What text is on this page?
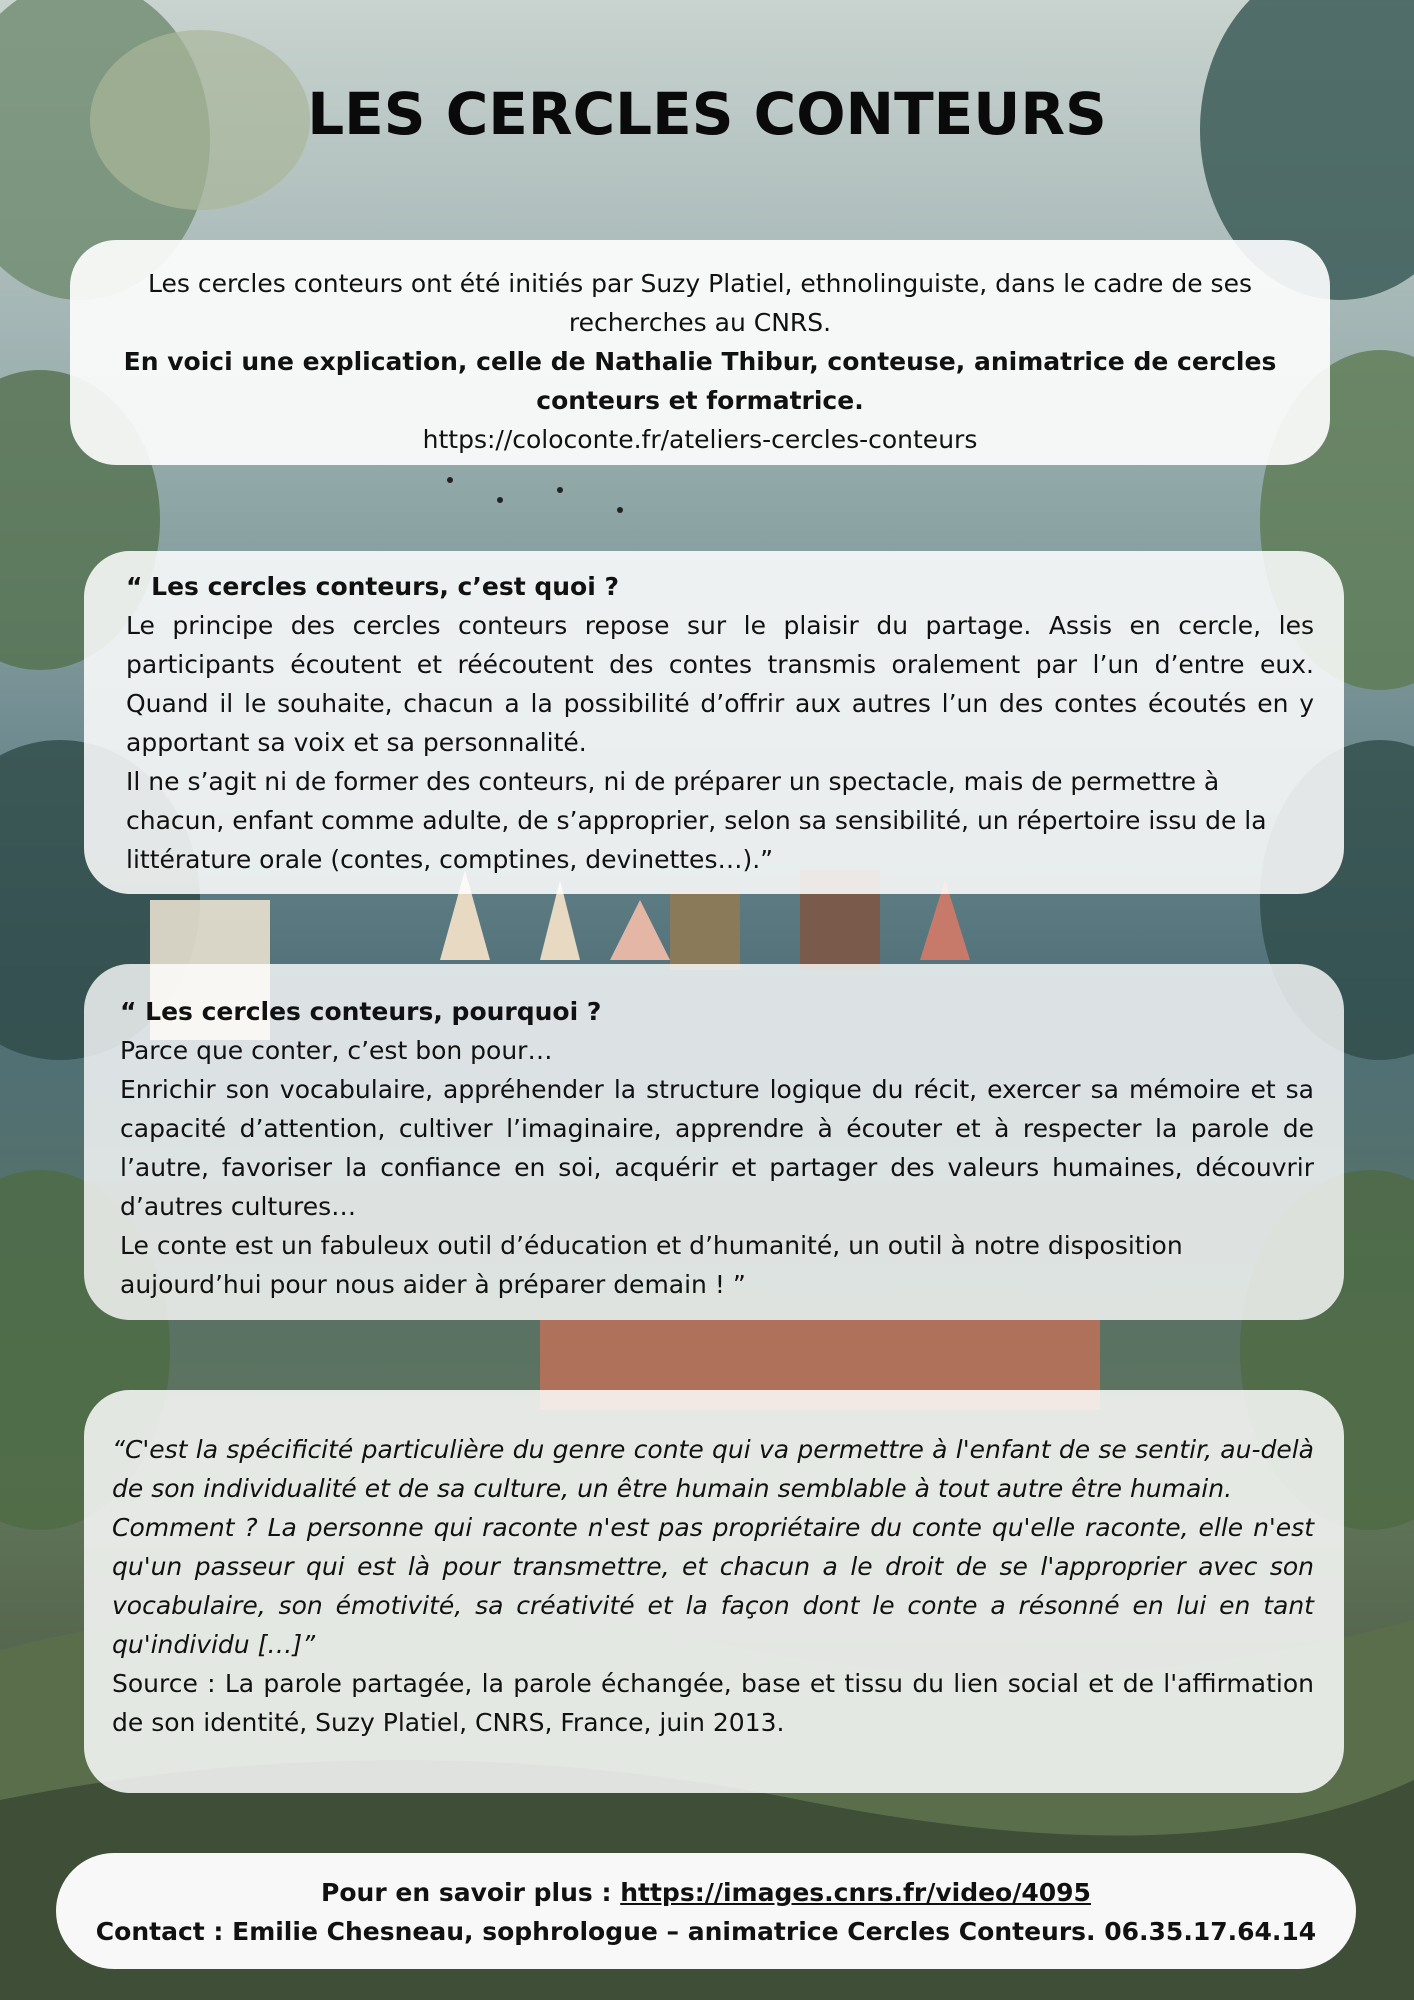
LES CERCLES CONTEURS

Les cercles conteurs ont été initiés par Suzy Platiel, ethnolinguiste, dans le cadre de ses recherches au CNRS.

En voici une explication, celle de Nathalie Thibur, conteuse, animatrice de cercles conteurs et formatrice.

https://coloconte.fr/ateliers-cercles-conteurs

“ Les cercles conteurs, c’est quoi ?

Le principe des cercles conteurs repose sur le plaisir du partage. Assis en cercle, les participants écoutent et réécoutent des contes transmis oralement par l’un d’entre eux. Quand il le souhaite, chacun a la possibilité d’offrir aux autres l’un des contes écoutés en y apportant sa voix et sa personnalité.

Il ne s’agit ni de former des conteurs, ni de préparer un spectacle, mais de permettre à chacun, enfant comme adulte, de s’approprier, selon sa sensibilité, un répertoire issu de la littérature orale (contes, comptines, devinettes…).”

“ Les cercles conteurs, pourquoi ?

Parce que conter, c’est bon pour…

Enrichir son vocabulaire, appréhender la structure logique du récit, exercer sa mémoire et sa capacité d’attention, cultiver l’imaginaire, apprendre à écouter et à respecter la parole de l’autre, favoriser la confiance en soi, acquérir et partager des valeurs humaines, découvrir d’autres cultures…

Le conte est un fabuleux outil d’éducation et d’humanité, un outil à notre disposition aujourd’hui pour nous aider à préparer demain ! ”

“C'est la spécificité particulière du genre conte qui va permettre à l'enfant de se sentir, au-delà de son individualité et de sa culture, un être humain semblable à tout autre être humain.

Comment ? La personne qui raconte n'est pas propriétaire du conte qu'elle raconte, elle n'est qu'un passeur qui est là pour transmettre, et chacun a le droit de se l'approprier avec son vocabulaire, son émotivité, sa créativité et la façon dont le conte a résonné en lui en tant qu'individu […]”

Source : La parole partagée, la parole échangée, base et tissu du lien social et de l'affirmation de son identité, Suzy Platiel, CNRS, France, juin 2013.

Pour en savoir plus : https://images.cnrs.fr/video/4095

Contact : Emilie Chesneau, sophrologue – animatrice Cercles Conteurs. 06.35.17.64.14
